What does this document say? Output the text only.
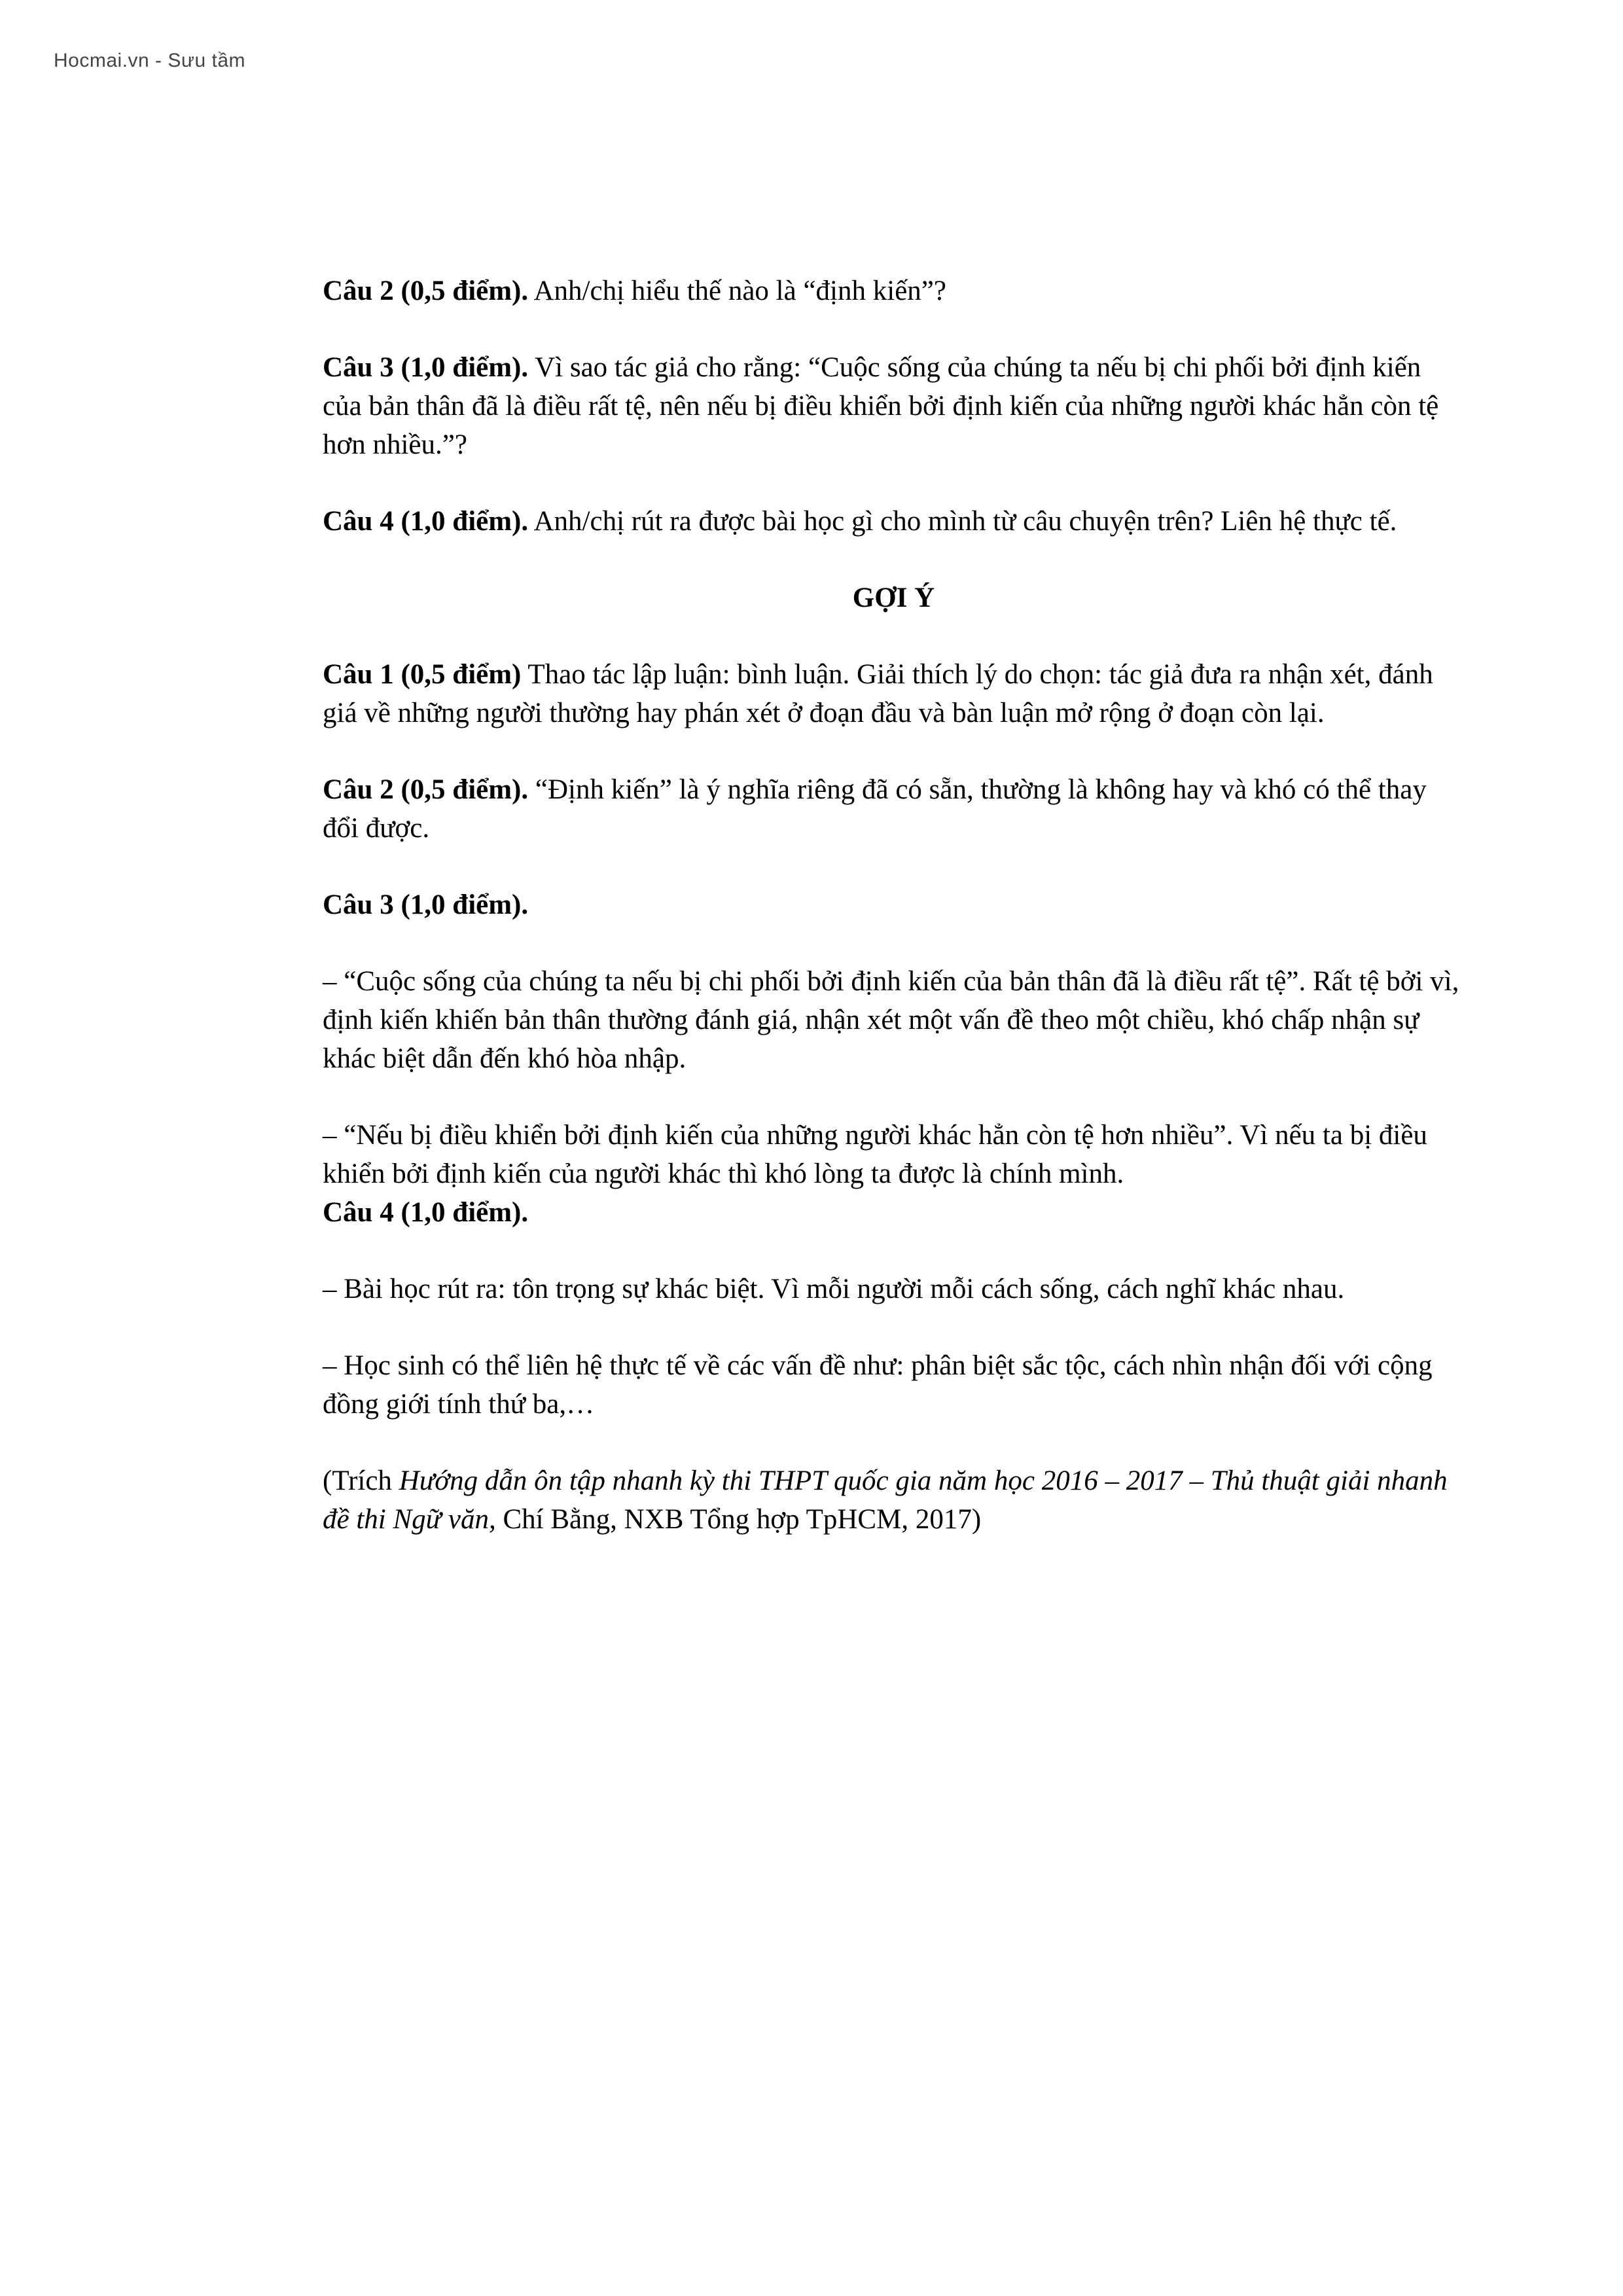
Hocmai.vn - Sưu tầm

Câu 2 (0,5 điểm). Anh/chị hiểu thế nào là “định kiến”?

Câu 3 (1,0 điểm). Vì sao tác giả cho rằng: “Cuộc sống của chúng ta nếu bị chi phối bởi định kiến của bản thân đã là điều rất tệ, nên nếu bị điều khiển bởi định kiến của những người khác hẳn còn tệ hơn nhiều.”?

Câu 4 (1,0 điểm). Anh/chị rút ra được bài học gì cho mình từ câu chuyện trên? Liên hệ thực tế.

GỢI Ý

Câu 1 (0,5 điểm) Thao tác lập luận: bình luận. Giải thích lý do chọn: tác giả đưa ra nhận xét, đánh giá về những người thường hay phán xét ở đoạn đầu và bàn luận mở rộng ở đoạn còn lại.

Câu 2 (0,5 điểm). “Định kiến” là ý nghĩa riêng đã có sẵn, thường là không hay và khó có thể thay đổi được.

Câu 3 (1,0 điểm).

– “Cuộc sống của chúng ta nếu bị chi phối bởi định kiến của bản thân đã là điều rất tệ”. Rất tệ bởi vì, định kiến khiến bản thân thường đánh giá, nhận xét một vấn đề theo một chiều, khó chấp nhận sự khác biệt dẫn đến khó hòa nhập.

– “Nếu bị điều khiển bởi định kiến của những người khác hẳn còn tệ hơn nhiều”. Vì nếu ta bị điều khiển bởi định kiến của người khác thì khó lòng ta được là chính mình.

Câu 4 (1,0 điểm).

– Bài học rút ra: tôn trọng sự khác biệt. Vì mỗi người mỗi cách sống, cách nghĩ khác nhau.

– Học sinh có thể liên hệ thực tế về các vấn đề như: phân biệt sắc tộc, cách nhìn nhận đối với cộng đồng giới tính thứ ba,…

(Trích Hướng dẫn ôn tập nhanh kỳ thi THPT quốc gia năm học 2016 – 2017 – Thủ thuật giải nhanh đề thi Ngữ văn, Chí Bằng, NXB Tổng hợp TpHCM, 2017)
